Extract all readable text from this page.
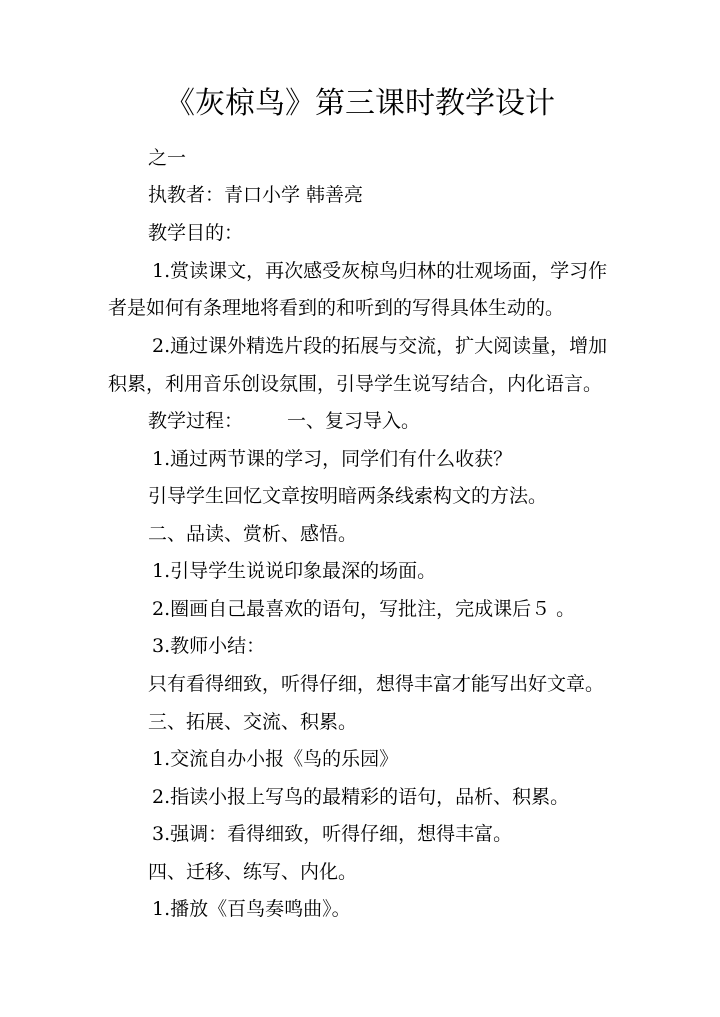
《灰椋鸟》第三课时教学设计
之一
执教者：青口小学 韩善亮
教学目的：
1.赏读课文，再次感受灰椋鸟归林的壮观场面，学习作
者是如何有条理地将看到的和听到的写得具体生动的。
2.通过课外精选片段的拓展与交流，扩大阅读量，增加
积累，利用音乐创设氛围，引导学生说写结合，内化语言。
教学过程： 一、复习导入。
1.通过两节课的学习，同学们有什么收获？
引导学生回忆文章按明暗两条线索构文的方法。
二、品读、赏析、感悟。
1.引导学生说说印象最深的场面。
2.圈画自己最喜欢的语句，写批注，完成课后５ 。
3.教师小结：
只有看得细致，听得仔细，想得丰富才能写出好文章。
三、拓展、交流、积累。
1.交流自办小报《鸟的乐园》
2.指读小报上写鸟的最精彩的语句，品析、积累。
3.强调：看得细致，听得仔细，想得丰富。
四、迁移、练写、内化。
1.播放《百鸟奏鸣曲》。
